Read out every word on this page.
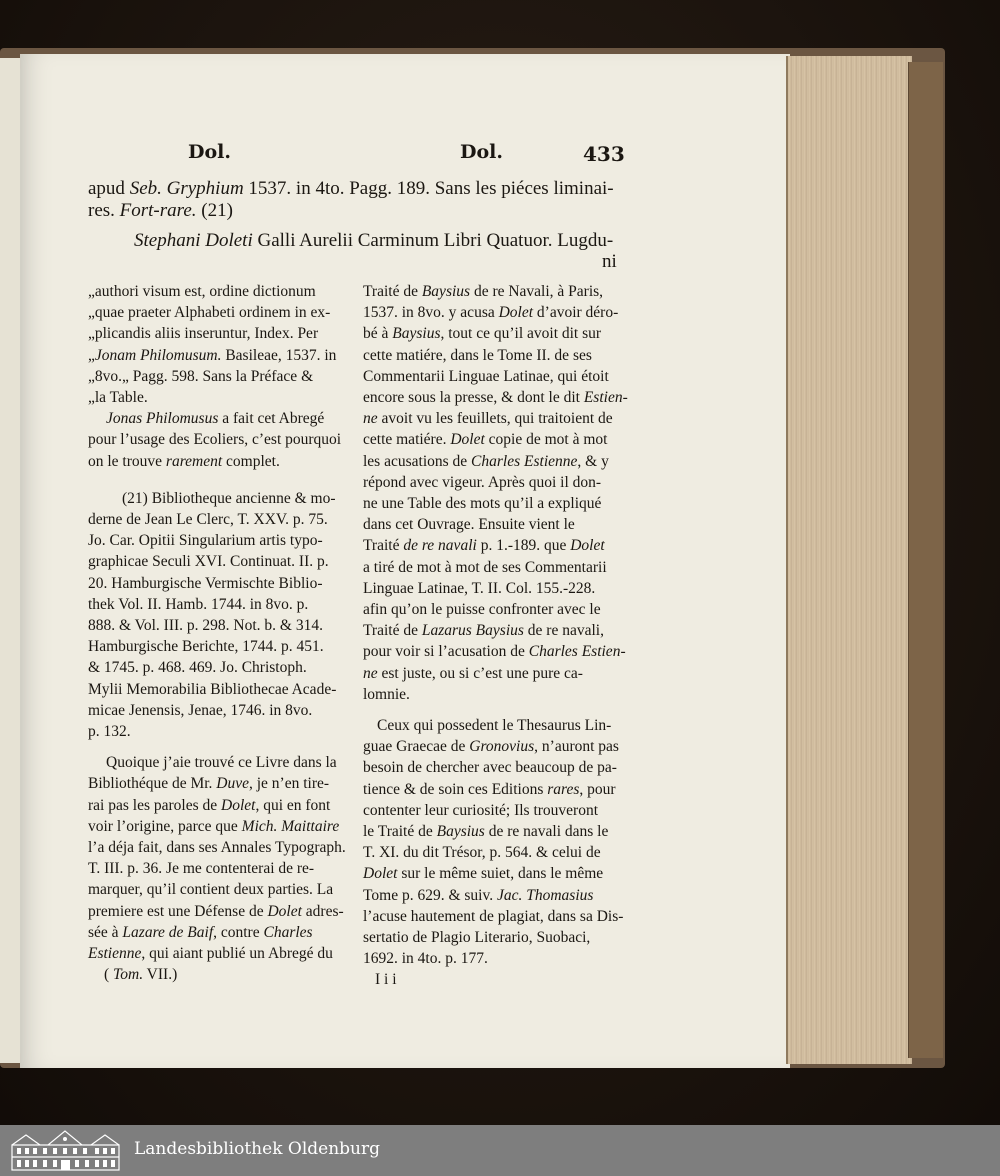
Dol.	Dol.	433
apud Seb. Gryphium 1537. in 4to. Pagg. 189. Sans les piéces liminai-
res. Fort-rare. (21)
Stephani Doleti Galli Aurelii Carminum Libri Quatuor. Lugdu-
ni
„authori visum est, ordine dictionum
„quae praeter Alphabeti ordinem in ex-
„plicandis aliis inseruntur, Index. Per
„Jonam Philomusum. Basileae, 1537. in
„8vo.„ Pagg. 598. Sans la Préface &
„la Table.
Jonas Philomusus a fait cet Abregé
pour l’usage des Ecoliers, c’est pourquoi
on le trouve rarement complet.
(21) Bibliotheque ancienne & mo-
derne de Jean Le Clerc, T. XXV. p. 75.
Jo. Car. Opitii Singularium artis typo-
graphicae Seculi XVI. Continuat. II. p.
20. Hamburgische Vermischte Biblio-
thek Vol. II. Hamb. 1744. in 8vo. p.
888. & Vol. III. p. 298. Not. b. & 314.
Hamburgische Berichte, 1744. p. 451.
& 1745. p. 468. 469. Jo. Christoph.
Mylii Memorabilia Bibliothecae Acade-
micae Jenensis, Jenae, 1746. in 8vo.
p. 132.
Quoique j’aie trouvé ce Livre dans la
Bibliothéque de Mr. Duve, je n’en tire-
rai pas les paroles de Dolet, qui en font
voir l’origine, parce que Mich. Maittaire
l’a déja fait, dans ses Annales Typograph.
T. III. p. 36. Je me contenterai de re-
marquer, qu’il contient deux parties. La
premiere est une Défense de Dolet adres-
sée à Lazare de Baif, contre Charles
Estienne, qui aiant publié un Abregé du
( Tom. VII.)
Traité de Baysius de re Navali, à Paris,
1537. in 8vo. y acusa Dolet d’avoir déro-
bé à Baysius, tout ce qu’il avoit dit sur
cette matiére, dans le Tome II. de ses
Commentarii Linguae Latinae, qui étoit
encore sous la presse, & dont le dit Estien-
ne avoit vu les feuillets, qui traitoient de
cette matiére. Dolet copie de mot à mot
les acusations de Charles Estienne, & y
répond avec vigeur. Après quoi il don-
ne une Table des mots qu’il a expliqué
dans cet Ouvrage. Ensuite vient le
Traité de re navali p. 1.-189. que Dolet
a tiré de mot à mot de ses Commentarii
Linguae Latinae, T. II. Col. 155.-228.
afin qu’on le puisse confronter avec le
Traité de Lazarus Baysius de re navali,
pour voir si l’acusation de Charles Estien-
ne est juste, ou si c’est une pure ca-
lomnie.
Ceux qui possedent le Thesaurus Lin-
guae Graecae de Gronovius, n’auront pas
besoin de chercher avec beaucoup de pa-
tience & de soin ces Editions rares, pour
contenter leur curiosité; Ils trouveront
le Traité de Baysius de re navali dans le
T. XI. du dit Trésor, p. 564. & celui de
Dolet sur le même suiet, dans le même
Tome p. 629. & suiv. Jac. Thomasius
l’acuse hautement de plagiat, dans sa Dis-
sertatio de Plagio Literario, Suobaci,
1692. in 4to. p. 177.
I i i
Landesbibliothek Oldenburg
